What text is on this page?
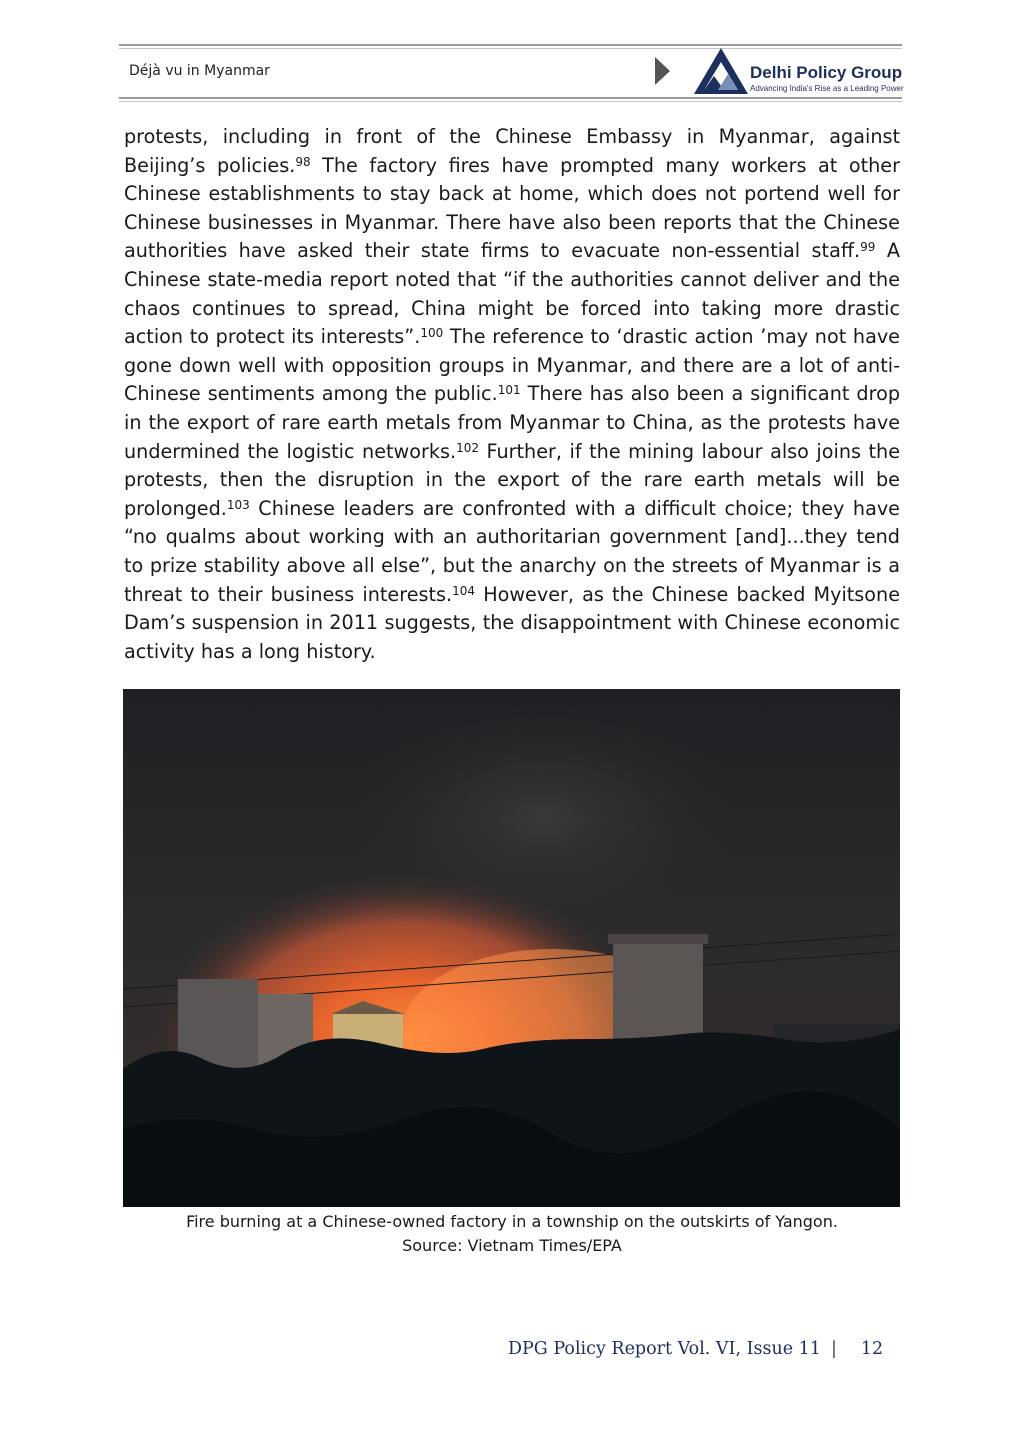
Déjà vu in Myanmar	Delhi Policy Group
Advancing India's Rise as a Leading Power

protests, including in front of the Chinese Embassy in Myanmar, against Beijing’s policies.$^{98}$ The factory fires have prompted many workers at other Chinese establishments to stay back at home, which does not portend well for Chinese businesses in Myanmar. There have also been reports that the Chinese authorities have asked their state firms to evacuate non-essential staff.$^{99}$ A Chinese state-media report noted that “if the authorities cannot deliver and the chaos continues to spread, China might be forced into taking more drastic action to protect its interests”.$^{100}$ The reference to ‘drastic action ’may not have gone down well with opposition groups in Myanmar, and there are a lot of anti-Chinese sentiments among the public.$^{101}$ There has also been a significant drop in the export of rare earth metals from Myanmar to China, as the protests have undermined the logistic networks.$^{102}$ Further, if the mining labour also joins the protests, then the disruption in the export of the rare earth metals will be prolonged.$^{103}$ Chinese leaders are confronted with a difficult choice; they have “no qualms about working with an authoritarian government [and]...they tend to prize stability above all else”, but the anarchy on the streets of Myanmar is a threat to their business interests.$^{104}$ However, as the Chinese backed Myitsone Dam’s suspension in 2011 suggests, the disappointment with Chinese economic activity has a long history.

Fire burning at a Chinese-owned factory in a township on the outskirts of Yangon.
Source: Vietnam Times/EPA
DPG Policy Report Vol. VI, Issue 11 | 12
